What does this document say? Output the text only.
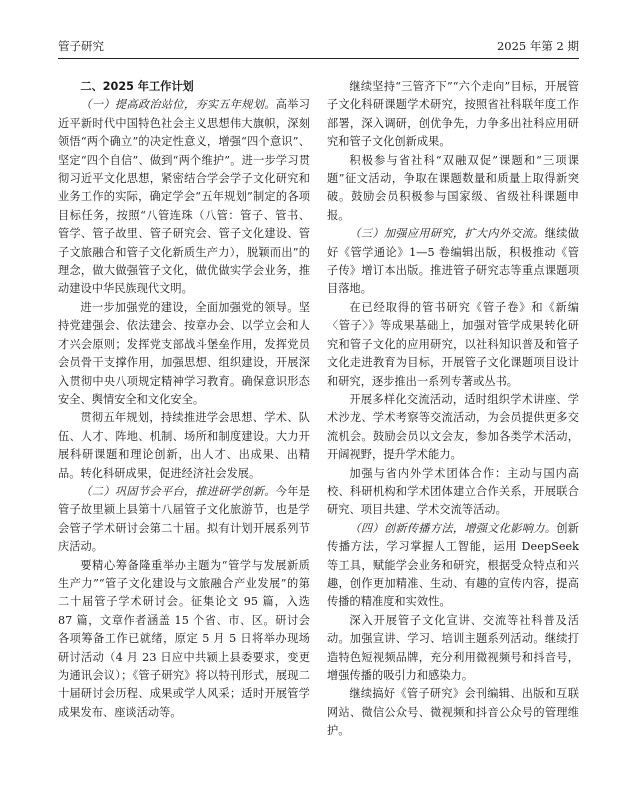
管子研究	2025 年第 2 期
二、2025 年工作计划

（一）提高政治站位，夯实五年规划。高举习近平新时代中国特色社会主义思想伟大旗帜，深刻领悟“两个确立”的决定性意义，增强“四个意识”、坚定“四个自信”、做到“两个维护”。进一步学习贯彻习近平文化思想，紧密结合学会学子文化研究和业务工作的实际，确定学会“五年规划”制定的各项目标任务，按照“八管连珠（八管：管子、管书、管学、管子故里、管子研究会、管子文化建设、管子文旅融合和管子文化新质生产力），脱颖而出”的理念，做大做强管子文化，做优做实学会业务，推动建设中华民族现代文明。

进一步加强党的建设，全面加强党的领导。坚持党建强会、依法建会、按章办会、以学立会和人才兴会原则；发挥党支部战斗堡垒作用，发挥党员会员骨干支撑作用，加强思想、组织建设，开展深入贯彻中央八项规定精神学习教育。确保意识形态安全、舆情安全和文化安全。

贯彻五年规划，持续推进学会思想、学术、队伍、人才、阵地、机制、场所和制度建设。大力开展科研课题和理论创新，出人才、出成果、出精品。转化科研成果，促进经济社会发展。

（二）巩固节会平台，推进研学创新。今年是管子故里颍上县第十八届管子文化旅游节，也是学会管子学术研讨会第二十届。拟有计划开展系列节庆活动。

要精心筹备隆重举办主题为“管学与发展新质生产力”“管子文化建设与文旅融合产业发展”的第二十届管子学术研讨会。征集论文 95 篇，入选 87 篇，文章作者涵盖 15 个省、市、区。研讨会各项筹备工作已就绪，原定 5 月 5 日将举办现场研讨活动（4 月 23 日应中共颍上县委要求，变更为通讯会议）；《管子研究》将以特刊形式，展现二十届研讨会历程、成果或学人风采；适时开展管学成果发布、座谈活动等。

继续坚持“三管齐下”“六个走向”目标，开展管子文化科研课题学术研究，按照省社科联年度工作部署，深入调研，创优争先，力争多出社科应用研究和管子文化创新成果。

积极参与省社科“双融双促”课题和“三项课题”征文活动，争取在课题数量和质量上取得新突破。鼓励会员积极参与国家级、省级社科课题申报。

（三）加强应用研究，扩大内外交流。继续做好《管学通论》1—5 卷编辑出版，积极推动《管子传》增订本出版。推进管子研究志等重点课题项目落地。

在已经取得的管书研究《管子卷》和《新编〈管子〉》等成果基础上，加强对管学成果转化研究和管子文化的应用研究，以社科知识普及和管子文化走进教育为目标，开展管子文化课题项目设计和研究，逐步推出一系列专著或丛书。

开展多样化交流活动，适时组织学术讲座、学术沙龙、学术考察等交流活动，为会员提供更多交流机会。鼓励会员以文会友，参加各类学术活动，开阔视野，提升学术能力。

加强与省内外学术团体合作：主动与国内高校、科研机构和学术团体建立合作关系，开展联合研究、项目共建、学术交流等活动。

（四）创新传播方法，增强文化影响力。创新传播方法，学习掌握人工智能，运用 DeepSeek 等工具，赋能学会业务和研究，根据受众特点和兴趣，创作更加精准、生动、有趣的宣传内容，提高传播的精准度和实效性。

深入开展管子文化宣讲、交流等社科普及活动。加强宣讲、学习、培训主题系列活动。继续打造特色短视频品牌，充分利用微视频号和抖音号，增强传播的吸引力和感染力。

继续搞好《管子研究》会刊编辑、出版和互联网站、微信公众号、微视频和抖音公众号的管理维护。
